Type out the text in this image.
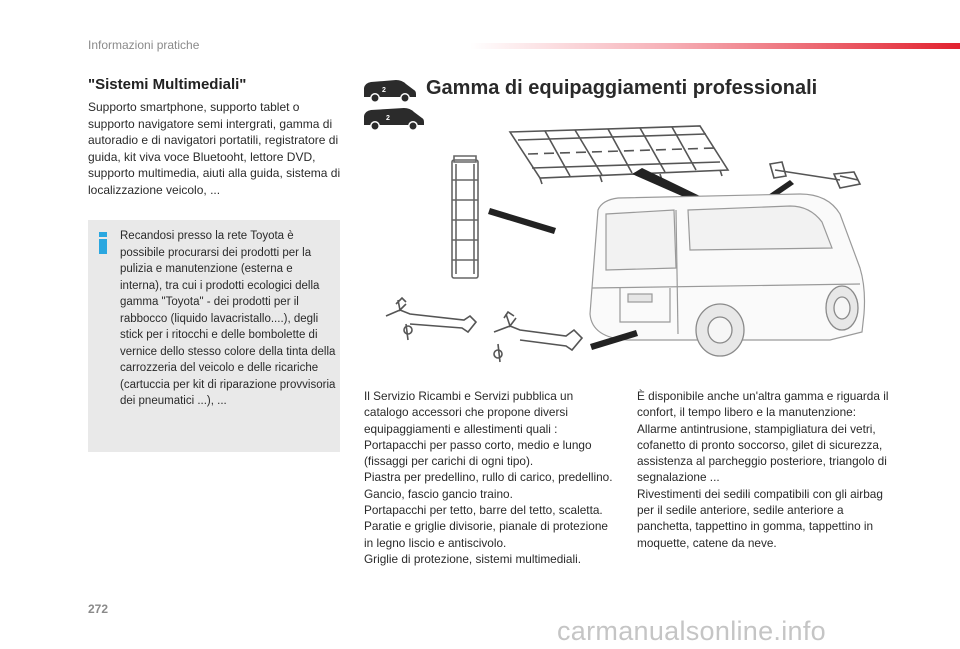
Informazioni pratiche
"Sistemi Multimediali"
Supporto smartphone, supporto tablet o supporto navigatore semi intergrati, gamma di autoradio e di navigatori portatili, registratore di guida, kit viva voce Bluetooht, lettore DVD, supporto multimedia, aiuti alla guida, sistema di localizzazione veicolo, ...
Recandosi presso la rete Toyota è possibile procurarsi dei prodotti per la pulizia e manutenzione (esterna e interna), tra cui i prodotti ecologici della gamma "Toyota" - dei prodotti per il rabbocco (liquido lavacristallo....), degli stick per i ritocchi e delle bombolette di vernice dello stesso colore della tinta della carrozzeria del veicolo e delle ricariche (cartuccia per kit di riparazione provvisoria dei pneumatici ...), ...
2
2
Gamma di equipaggiamenti professionali
Il Servizio Ricambi e Servizi pubblica un catalogo accessori che propone diversi equipaggiamenti e allestimenti quali :
Portapacchi per passo corto, medio e lungo (fissaggi per carichi di ogni tipo).
Piastra per predellino, rullo di carico, predellino.
Gancio, fascio gancio traino.
Portapacchi per tetto, barre del tetto, scaletta.
Paratie e griglie divisorie, pianale di protezione in legno liscio e antiscivolo.
Griglie di protezione, sistemi multimediali.
È disponibile anche un'altra gamma e riguarda il confort, il tempo libero e la manutenzione:
Allarme antintrusione, stampigliatura dei vetri, cofanetto di pronto soccorso, gilet di sicurezza, assistenza al parcheggio posteriore, triangolo di segnalazione ...
Rivestimenti dei sedili compatibili con gli airbag per il sedile anteriore, sedile anteriore a panchetta, tappettino in gomma, tappettino in moquette, catene da neve.
272
carmanualsonline.info
